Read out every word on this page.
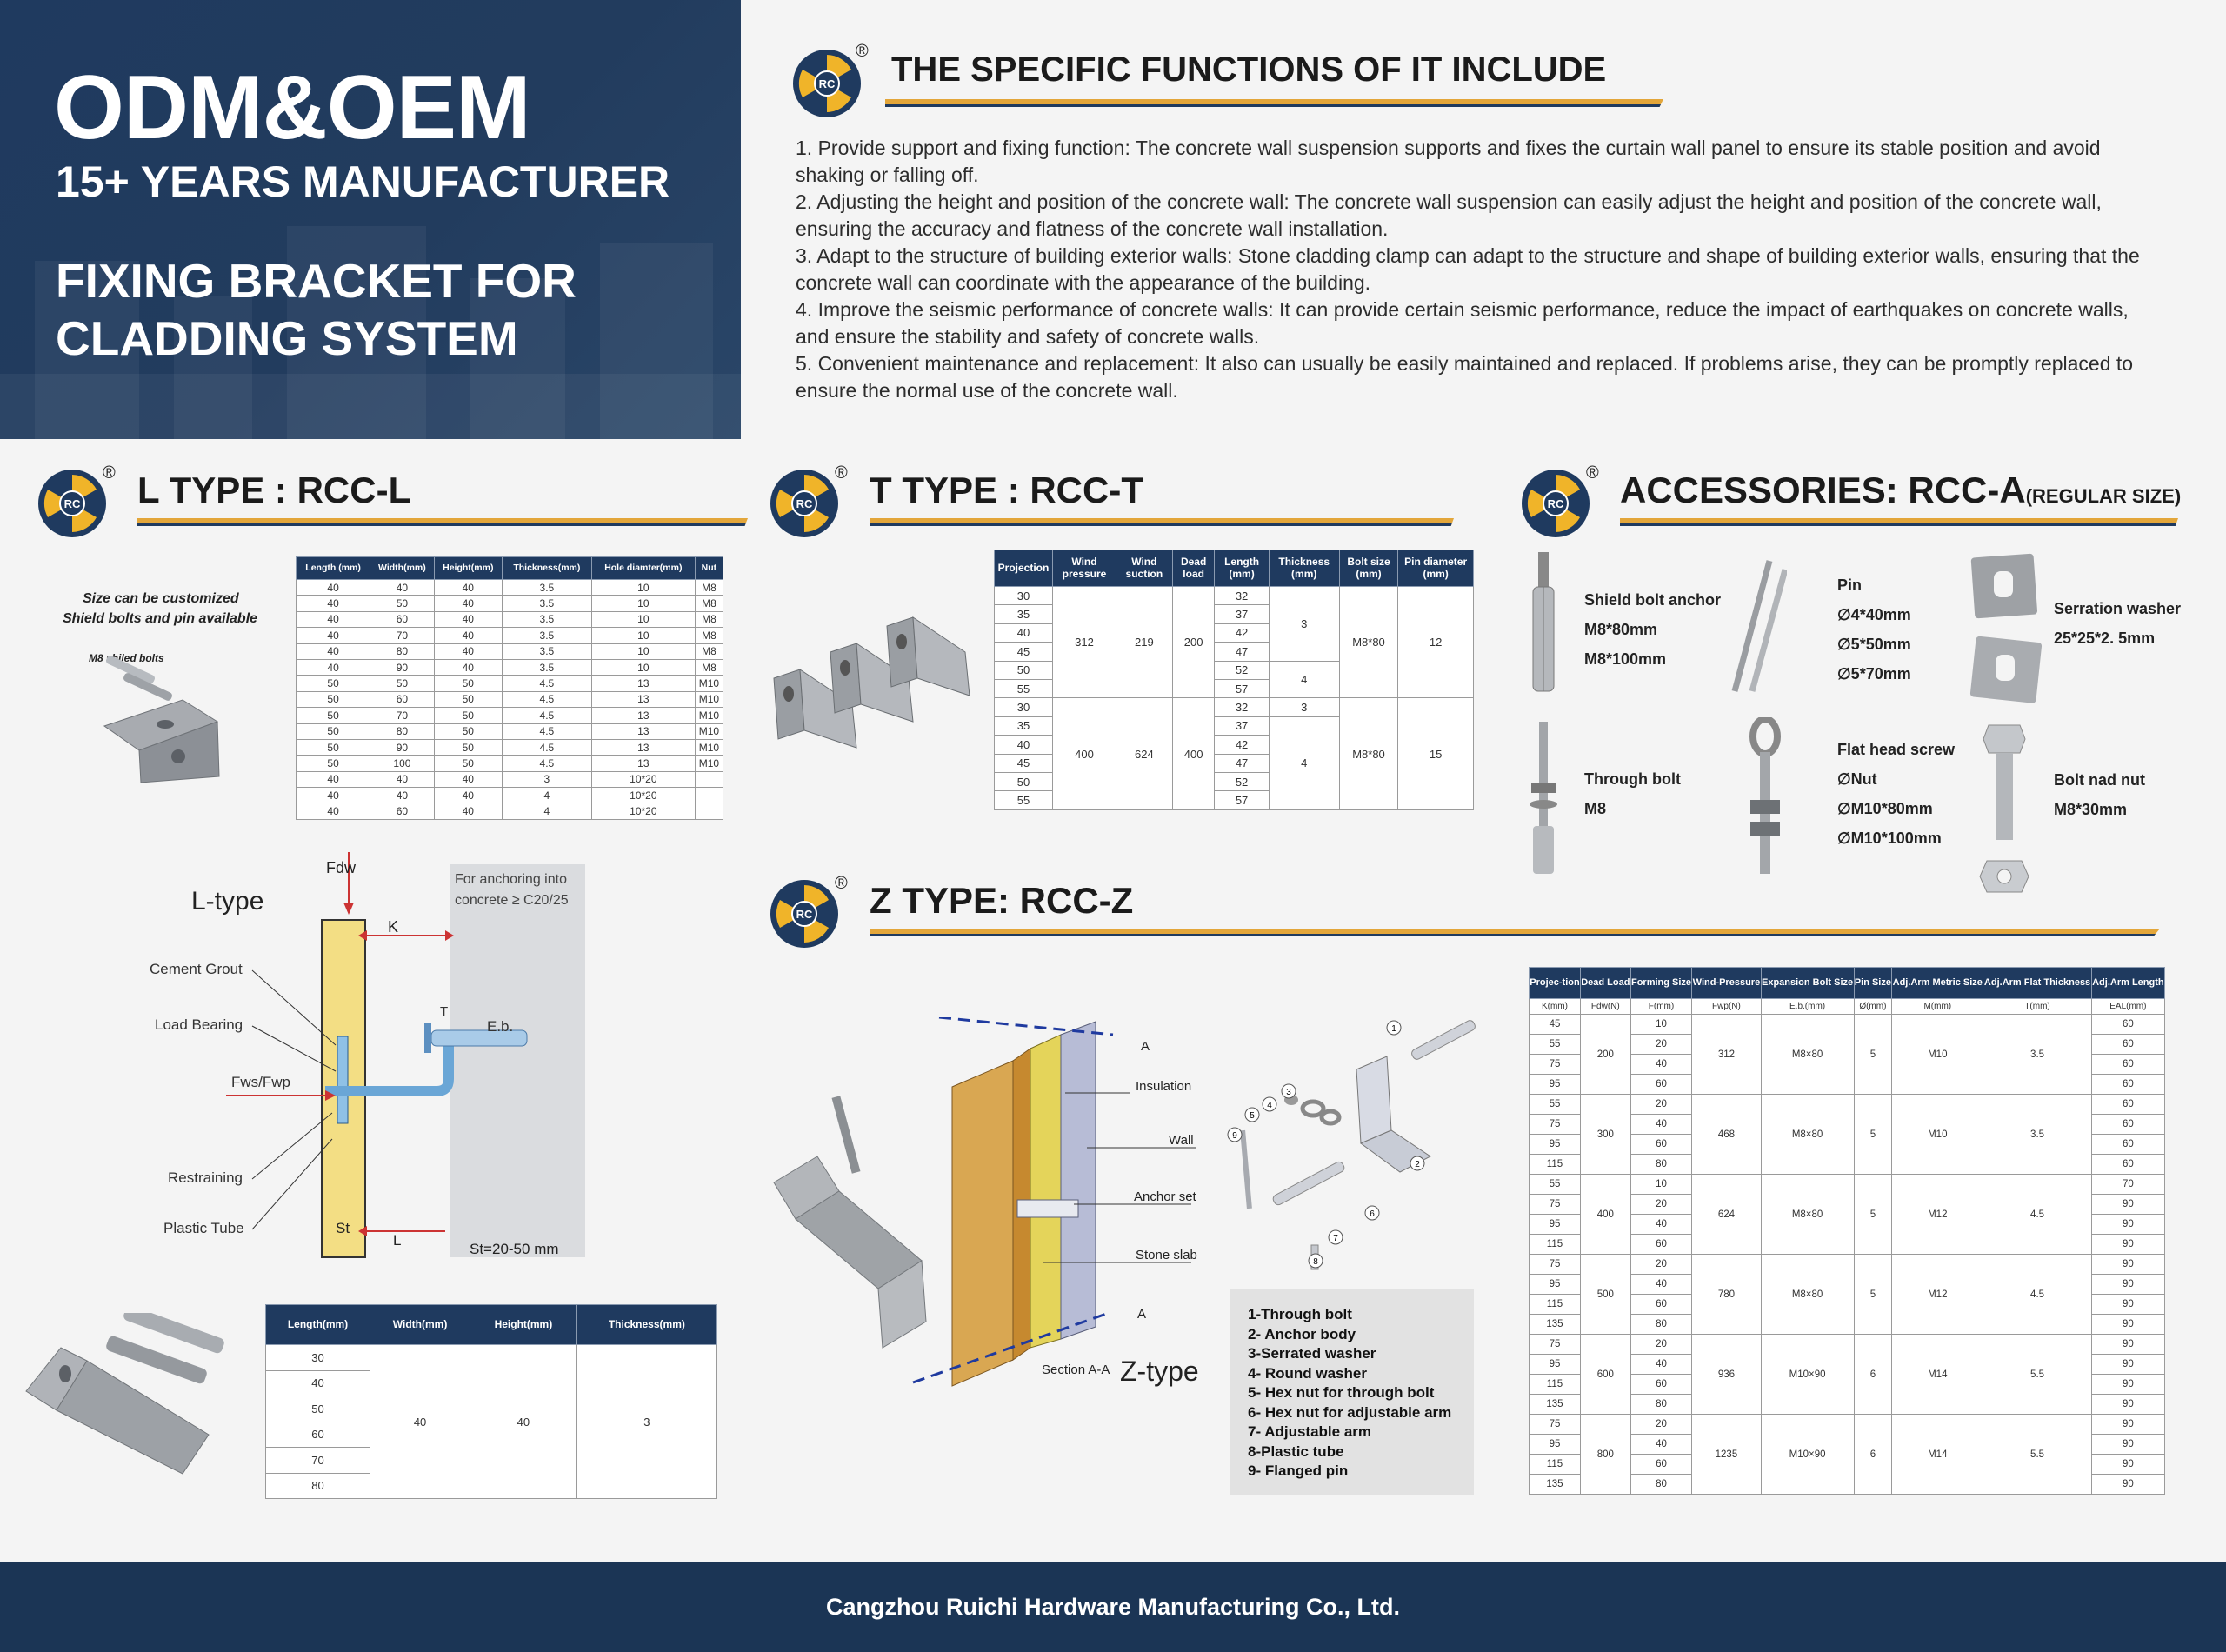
ODM&OEM
15+ YEARS MANUFACTURER
FIXING BRACKET FOR
CLADDING SYSTEM
RC
® THE SPECIFIC FUNCTIONS OF IT INCLUDE

1. Provide support and fixing function: The concrete wall suspension supports and fixes the curtain wall panel to ensure its stable position and avoid shaking or falling off.

2. Adjusting the height and position of the concrete wall: The concrete wall suspension can easily adjust the height and position of the concrete wall, ensuring the accuracy and flatness of the concrete wall installation.

3. Adapt to the structure of building exterior walls: Stone cladding clamp can adapt to the structure and shape of building exterior walls, ensuring that the concrete wall can coordinate with the appearance of the building.

4. Improve the seismic performance of concrete walls: It can provide certain seismic performance, reduce the impact of earthquakes on concrete walls, and ensure the stability and safety of concrete walls.

5. Convenient maintenance and replacement: It also can usually be easily maintained and replaced. If problems arise, they can be promptly replaced to ensure the normal use of the concrete wall.

RC
® L TYPE : RCC-L
Size can be customized
Shield bolts and pin available
M8 shiled bolts
Length (mm)	Width(mm)	Height(mm)	Thickness(mm)	Hole diamter(mm)	Nut
40	40	40	3.5	10	M8
40	50	40	3.5	10	M8
40	60	40	3.5	10	M8
40	70	40	3.5	10	M8
40	80	40	3.5	10	M8
40	90	40	3.5	10	M8
50	50	50	4.5	13	M10
50	60	50	4.5	13	M10
50	70	50	4.5	13	M10
50	80	50	4.5	13	M10
50	90	50	4.5	13	M10
50	100	50	4.5	13	M10
40	40	40	3	10*20	
40	40	40	4	10*20	
40	60	40	4	10*20	
L-type
Fdw
K
For anchoring into
concrete ≥ C20/25
Cement Grout
Load Bearing
Fws/Fwp
Restraining
Plastic Tube
E.b.
T
St
L
St=20-50 mm
Length(mm)	Width(mm)	Height(mm)	Thickness(mm)
30	40	40	3
40			
50			
60			
70			
80			
RC
® T TYPE : RCC-T
Projection	Wind pressure	Wind suction	Dead load	Length (mm)	Thickness (mm)	Bolt size (mm)	Pin diameter (mm)
30	312	219	200	32	3	M8*80	12
35				37			
40				42			
45				47			
50				52	4		
55				57			
30	400	624	400	32	3	M8*80	15
35				37	4		
40				42			
45				47			
50				52			
55				57			
RC
® ACCESSORIES: RCC-A(REGULAR SIZE)
Shield bolt anchor
M8*80mm
M8*100mm
Pin
∅4*40mm
∅5*50mm
∅5*70mm
Serration washer
25*25*2. 5mm
Through bolt
M8
Flat head screw
∅Nut
∅M10*80mm
∅M10*100mm
Bolt nad nut
M8*30mm
RC
® Z TYPE: RCC-Z
A
A
Insulation
Wall
Anchor set
Stone slab
Section A-A Z-type
1
2
3
4
5
6
7
8
9
1-Through bolt
2- Anchor body
3-Serrated washer
4- Round washer
5- Hex nut for through bolt
6- Hex nut for adjustable arm
7- Adjustable arm
8-Plastic tube
9- Flanged pin
Projec-tion	Dead Load	Forming Size	Wind-Pressure	Expansion Bolt Size	Pin Size	Adj.Arm Metric Size	Adj.Arm Flat Thickness	Adj.Arm Length
K(mm)	Fdw(N)	F(mm)	Fwp(N)	E.b.(mm)	Ø(mm)	M(mm)	T(mm)	EAL(mm)
45	200	10	312	M8×80	5	M10	3.5	60
55		20						60
75		40						60
95		60						60
55	300	20	468	M8×80	5	M10	3.5	60
75		40						60
95		60						60
115		80						60
55	400	10	624	M8×80	5	M12	4.5	70
75		20						90
95		40						90
115		60						90
75	500	20	780	M8×80	5	M12	4.5	90
95		40						90
115		60						90
135		80						90
75	600	20	936	M10×90	6	M14	5.5	90
95		40						90
115		60						90
135		80						90
75	800	20	1235	M10×90	6	M14	5.5	90
95		40						90
115		60						90
135		80						90
Cangzhou Ruichi Hardware Manufacturing Co., Ltd.
